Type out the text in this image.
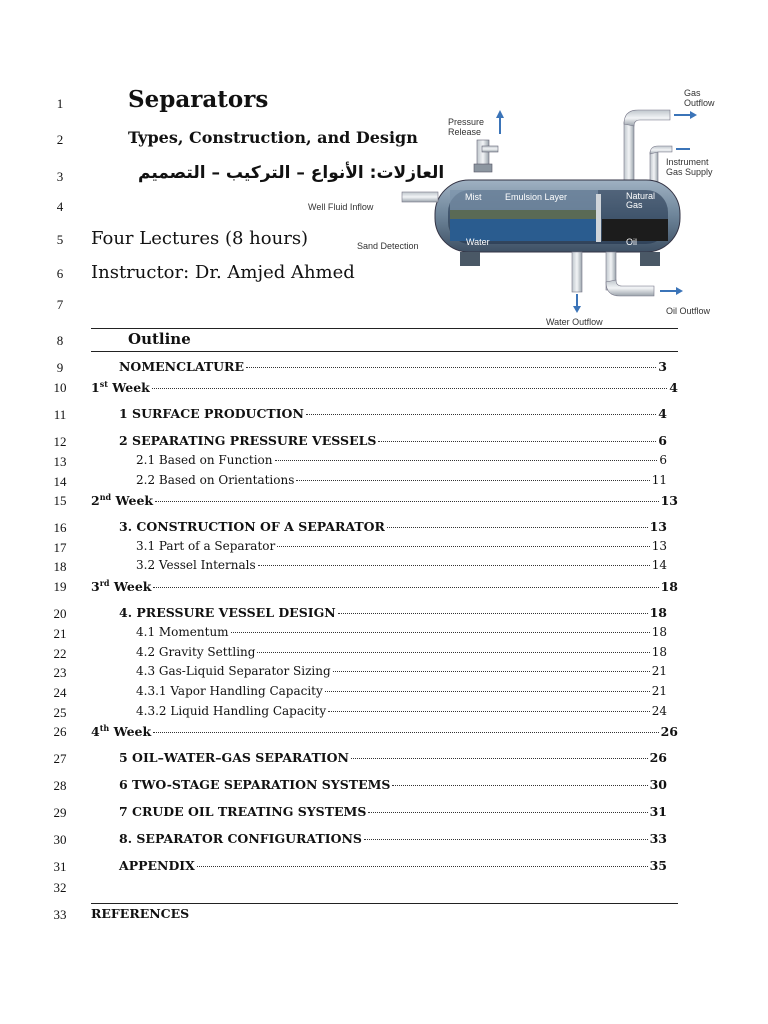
1
2
3
4
5
6
7
8
9
10
11
12
13
14
15
16
17
18
19
20
21
22
23
24
25
26
27
28
29
30
31
32
33
Separators
Types, Construction, and Design
العازلات: الأنواع – التركيب – التصميم
Four Lectures (8 hours)
Instructor: Dr. Amjed Ahmed
Gas
Outflow
Pressure
Release
Instrument
Gas Supply
Well Fluid Inflow
Mist	Emulsion Layer	Natural
Gas
Water	Oil
Sand Detection
Water Outflow
Oil Outflow
Outline
NOMENCLATURE	3
1st Week	4
1 SURFACE PRODUCTION	4
2 SEPARATING PRESSURE VESSELS	6
2.1 Based on Function	6
2.2 Based on Orientations	11
2nd Week	13
3. CONSTRUCTION OF A SEPARATOR	13
3.1 Part of a Separator	13
3.2 Vessel Internals	14
3rd Week	18
4. PRESSURE VESSEL DESIGN	18
4.1 Momentum	18
4.2 Gravity Settling	18
4.3 Gas-Liquid Separator Sizing	21
4.3.1 Vapor Handling Capacity	21
4.3.2 Liquid Handling Capacity	24
4th Week	26
5 OIL–WATER–GAS SEPARATION	26
6 TWO-STAGE SEPARATION SYSTEMS	30
7 CRUDE OIL TREATING SYSTEMS	31
8. SEPARATOR CONFIGURATIONS	33
APPENDIX	35
REFERENCES
